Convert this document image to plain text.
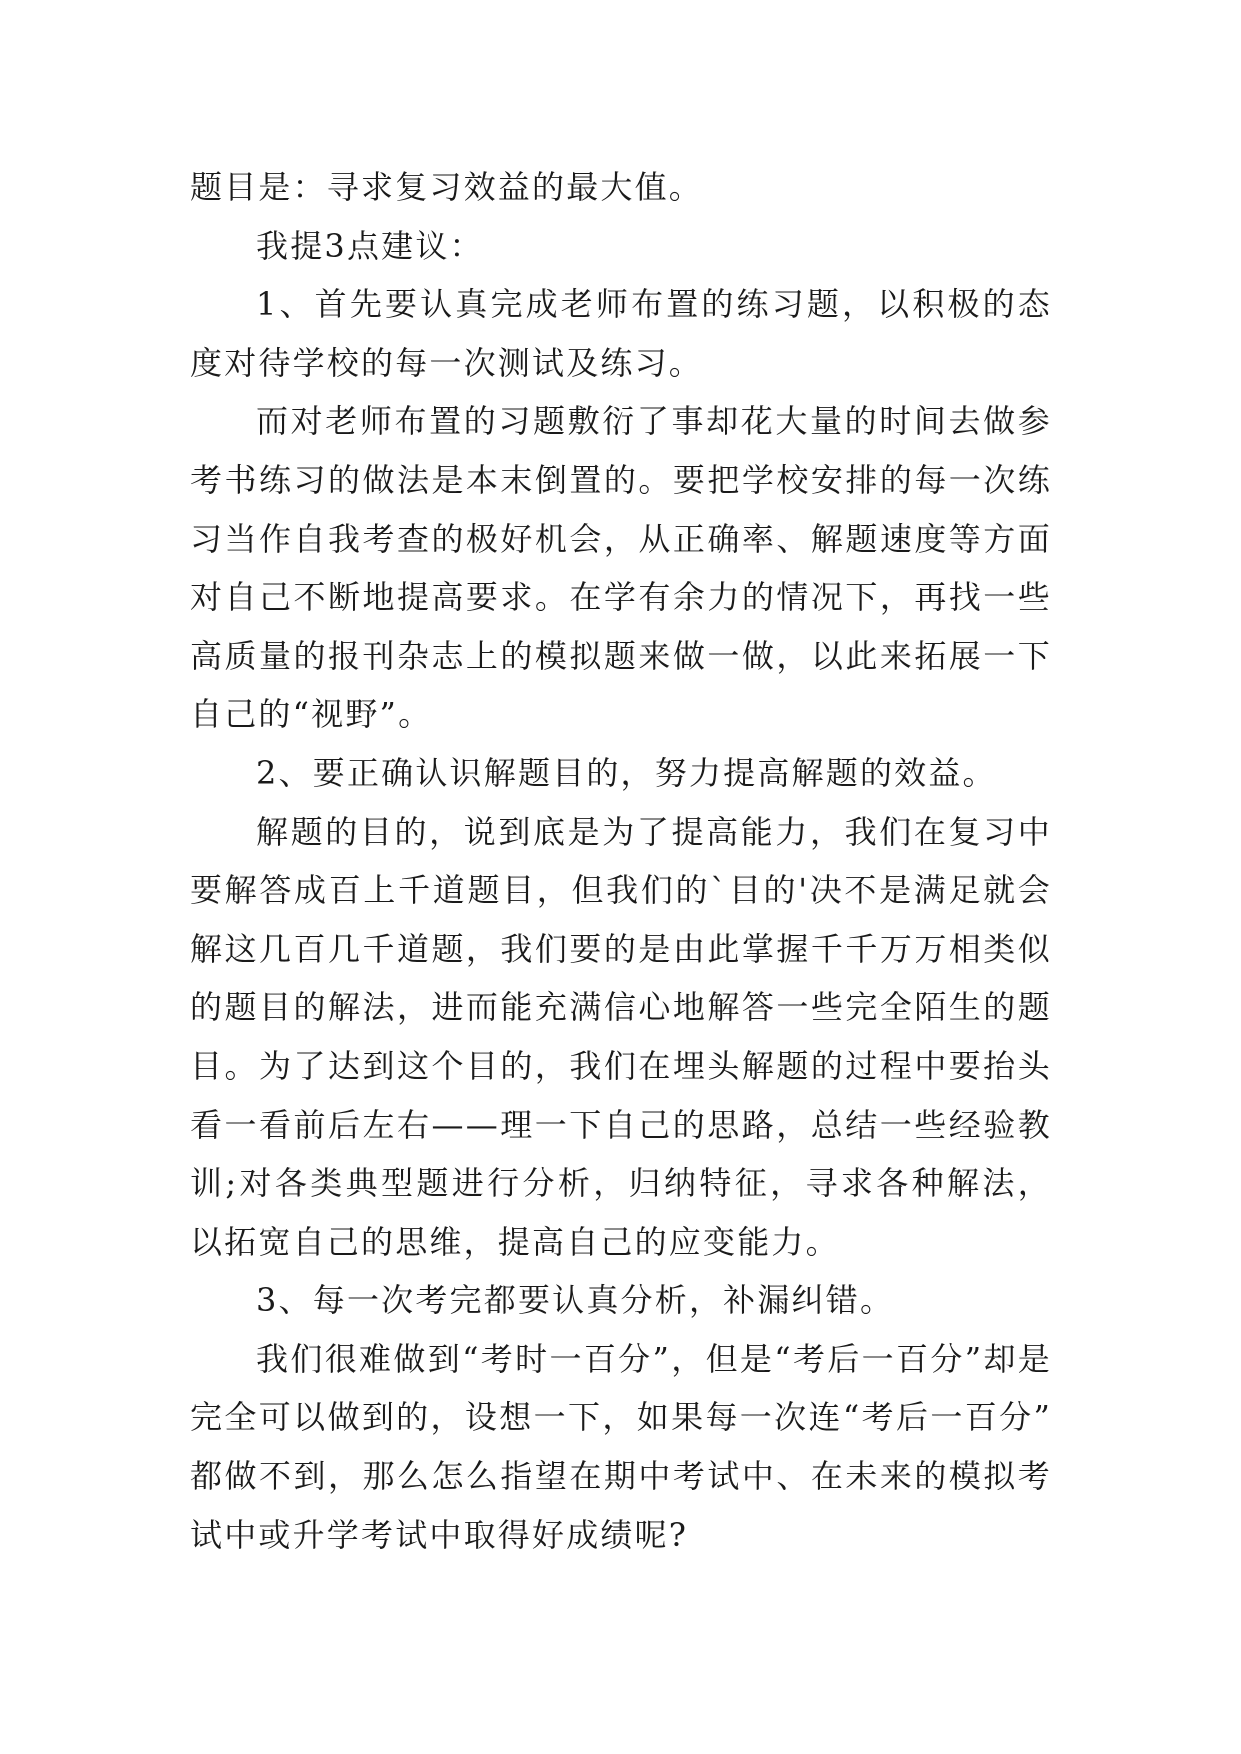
题目是：寻求复习效益的最大值。

我提3点建议：

1、首先要认真完成老师布置的练习题，以积极的态度对待学校的每一次测试及练习。

而对老师布置的习题敷衍了事却花大量的时间去做参考书练习的做法是本末倒置的。要把学校安排的每一次练习当作自我考查的极好机会，从正确率、解题速度等方面对自己不断地提高要求。在学有余力的情况下，再找一些高质量的报刊杂志上的模拟题来做一做，以此来拓展一下自己的“视野”。

2、要正确认识解题目的，努力提高解题的效益。

解题的目的，说到底是为了提高能力，我们在复习中要解答成百上千道题目，但我们的`目的'决不是满足就会解这几百几千道题，我们要的是由此掌握千千万万相类似的题目的解法，进而能充满信心地解答一些完全陌生的题目。为了达到这个目的，我们在埋头解题的过程中要抬头看一看前后左右——理一下自己的思路，总结一些经验教训;对各类典型题进行分析，归纳特征，寻求各种解法，以拓宽自己的思维，提高自己的应变能力。

3、每一次考完都要认真分析，补漏纠错。

我们很难做到“考时一百分”，但是“考后一百分”却是完全可以做到的，设想一下，如果每一次连“考后一百分”都做不到，那么怎么指望在期中考试中、在未来的模拟考试中或升学考试中取得好成绩呢?
